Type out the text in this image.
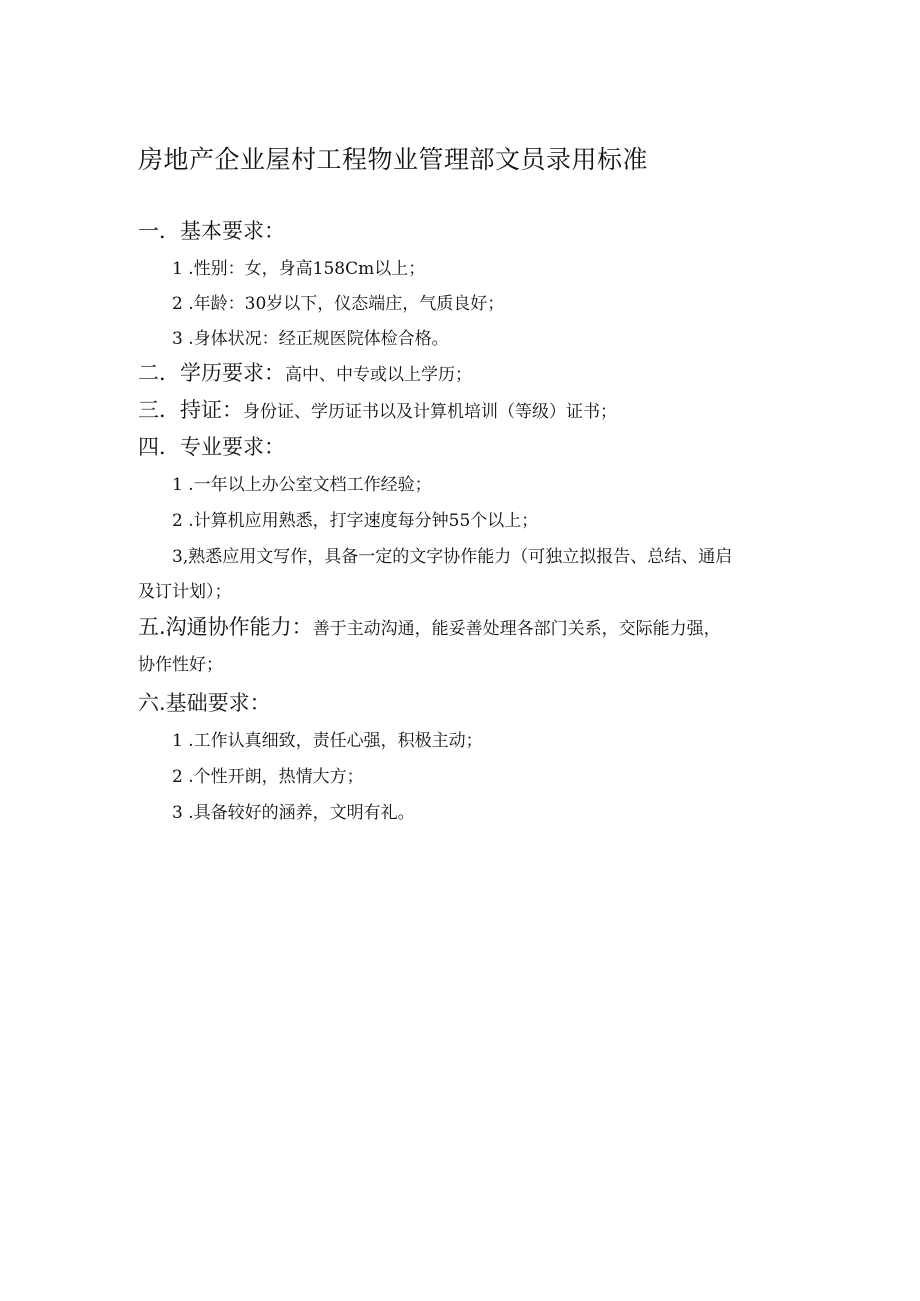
房地产企业屋村工程物业管理部文员录用标准
一．基本要求：
1 .性别：女，身高158Cm以上；
2 .年龄：30岁以下，仪态端庄，气质良好；
3 .身体状况：经正规医院体检合格。
二．学历要求：高中、中专或以上学历；
三．持证：身份证、学历证书以及计算机培训（等级）证书；
四．专业要求：
1 .一年以上办公室文档工作经验；
2 .计算机应用熟悉，打字速度每分钟55个以上；
3,熟悉应用文写作，具备一定的文字协作能力（可独立拟报告、总结、通启
及订计划）；
五.沟通协作能力：善于主动沟通，能妥善处理各部门关系，交际能力强，
协作性好；
六.基础要求：
1 .工作认真细致，责任心强，积极主动；
2 .个性开朗，热情大方；
3 .具备较好的涵养，文明有礼。
